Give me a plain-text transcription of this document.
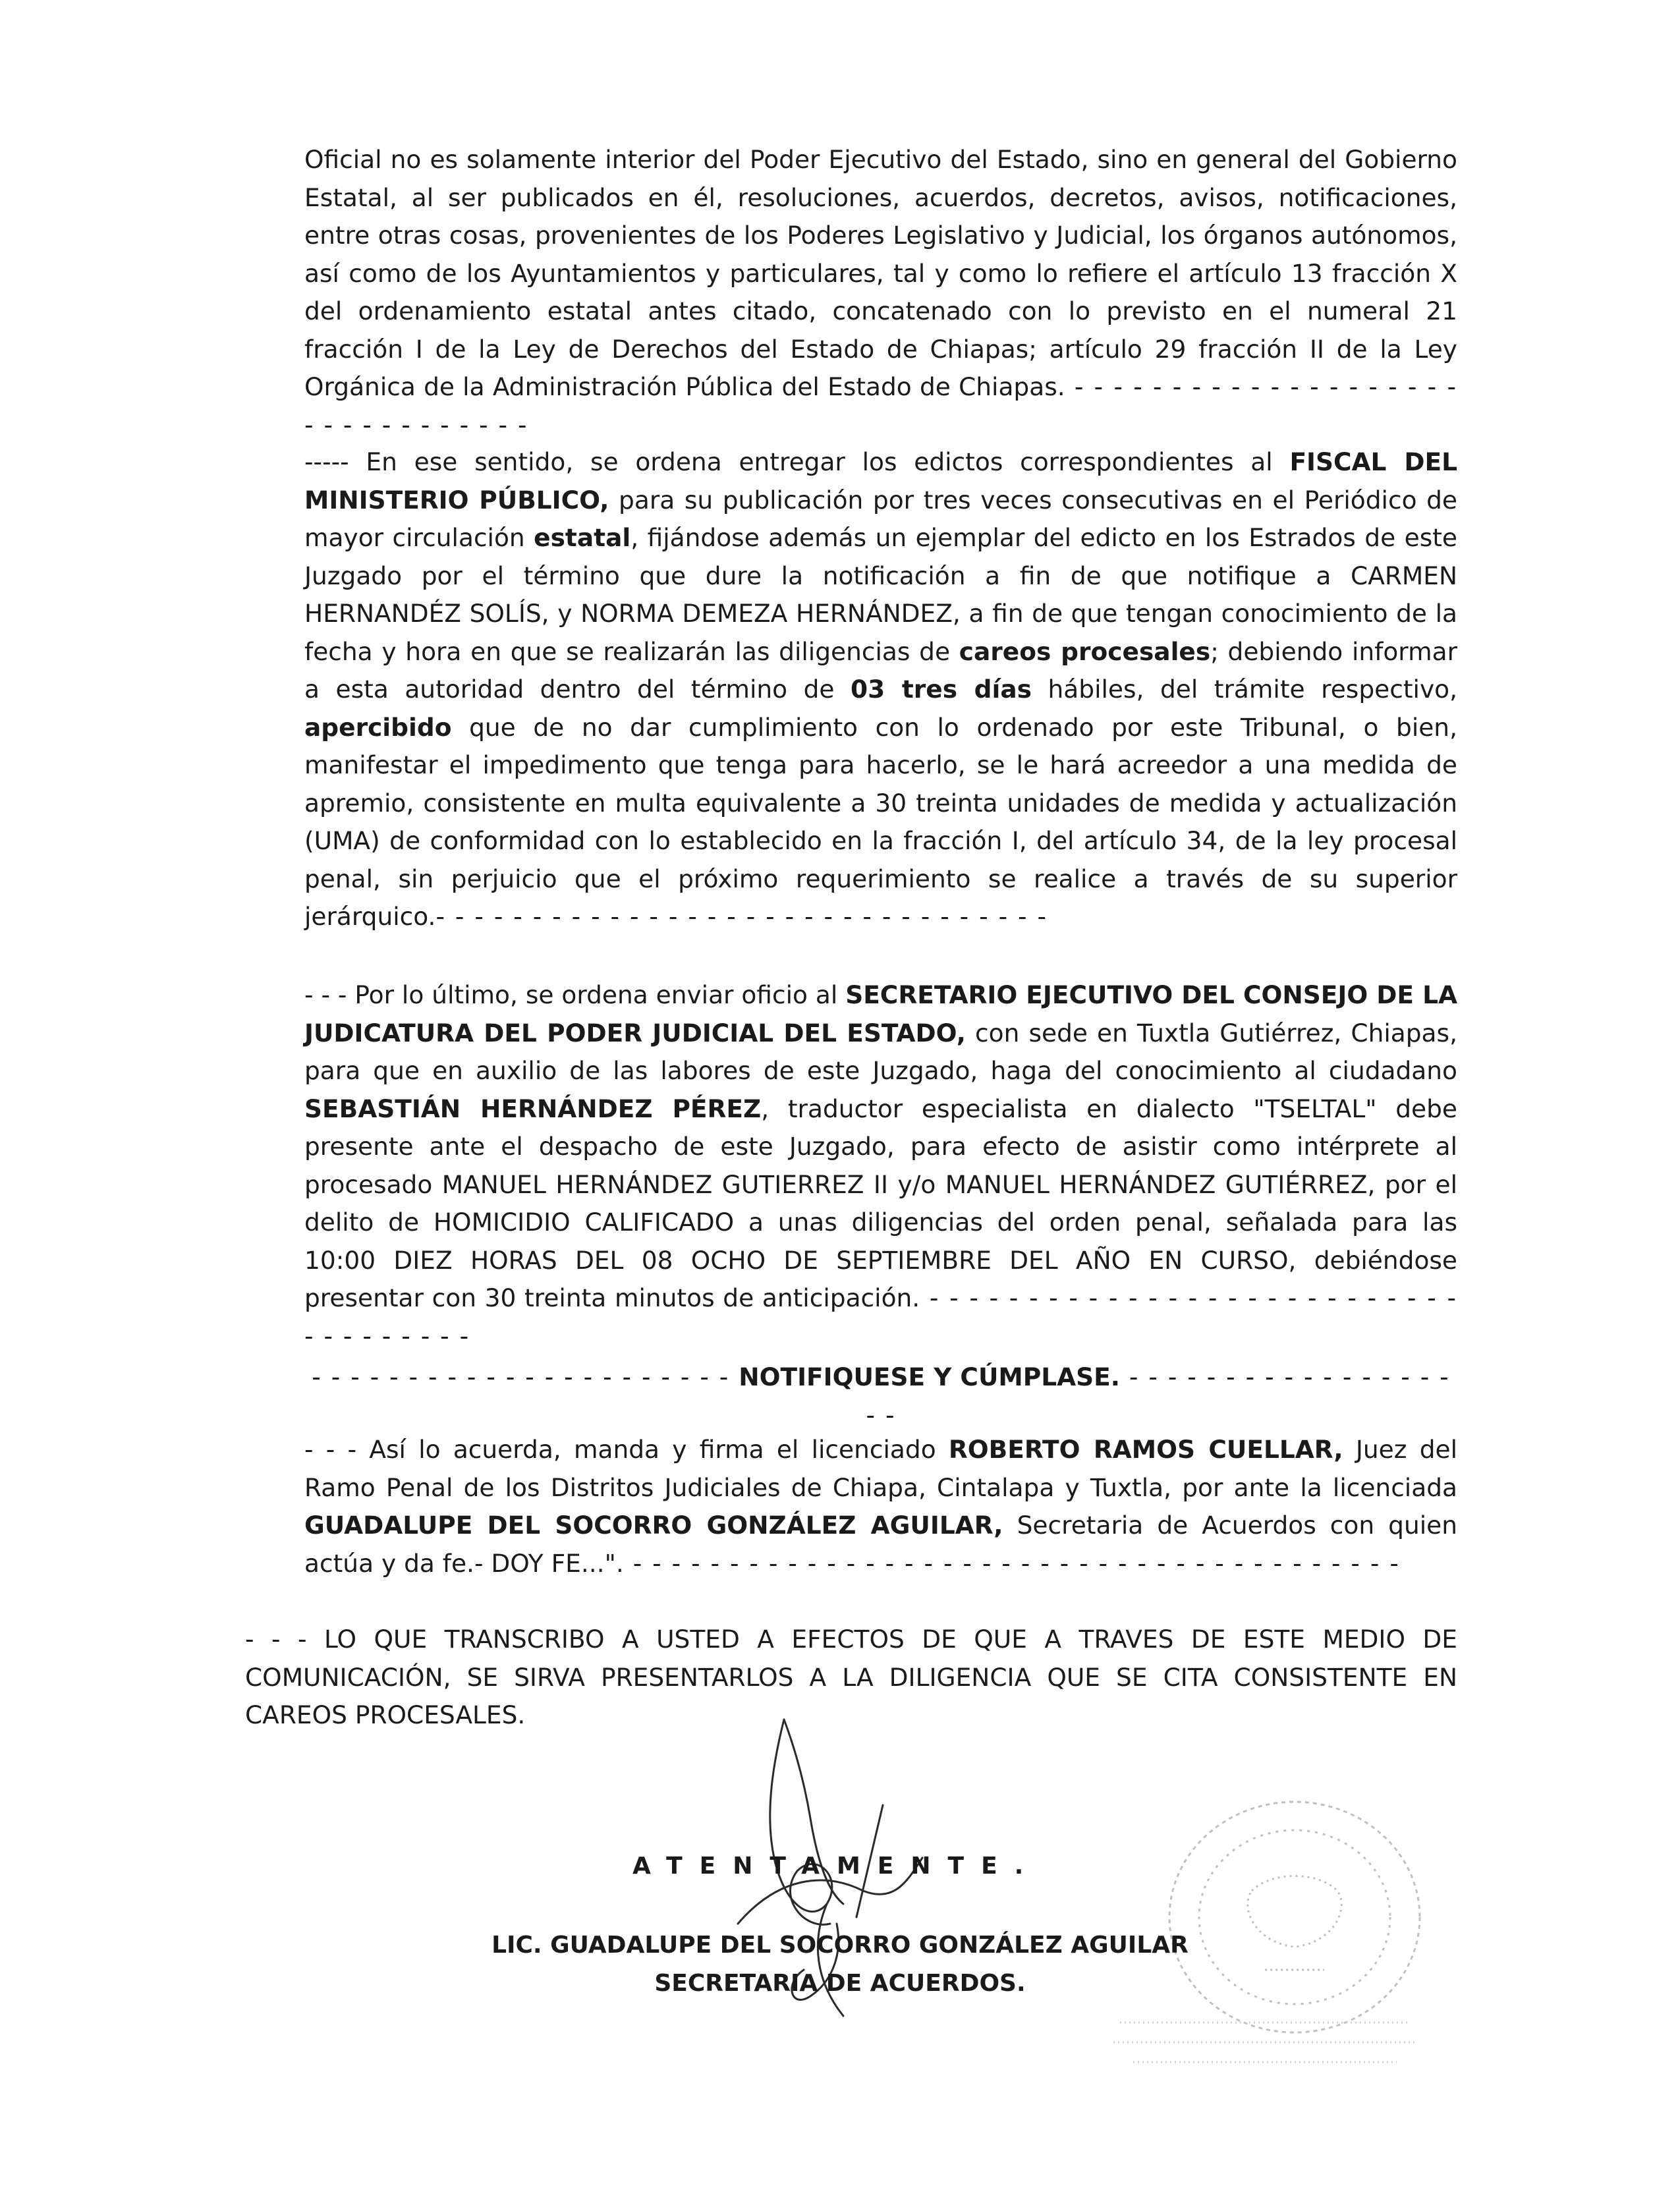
Oficial no es solamente interior del Poder Ejecutivo del Estado, sino en general del Gobierno Estatal, al ser publicados en él, resoluciones, acuerdos, decretos, avisos, notificaciones, entre otras cosas, provenientes de los Poderes Legislativo y Judicial, los órganos autónomos, así como de los Ayuntamientos y particulares, tal y como lo refiere el artículo 13 fracción X del ordenamiento estatal antes citado, concatenado con lo previsto en el numeral 21 fracción I de la Ley de Derechos del Estado de Chiapas; artículo 29 fracción II de la Ley Orgánica de la Administración Pública del Estado de Chiapas. - - - - - - - - - - - - - - - - - - - - - - - - - - - - - - - -

----- En ese sentido, se ordena entregar los edictos correspondientes al FISCAL DEL MINISTERIO PÚBLICO, para su publicación por tres veces consecutivas en el Periódico de mayor circulación estatal, fijándose además un ejemplar del edicto en los Estrados de este Juzgado por el término que dure la notificación a fin de que notifique a CARMEN HERNANDÉZ SOLÍS, y NORMA DEMEZA HERNÁNDEZ, a fin de que tengan conocimiento de la fecha y hora en que se realizarán las diligencias de careos procesales; debiendo informar a esta autoridad dentro del término de 03 tres días hábiles, del trámite respectivo, apercibido que de no dar cumplimiento con lo ordenado por este Tribunal, o bien, manifestar el impedimento que tenga para hacerlo, se le hará acreedor a una medida de apremio, consistente en multa equivalente a 30 treinta unidades de medida y actualización (UMA) de conformidad con lo establecido en la fracción I, del artículo 34, de la ley procesal penal, sin perjuicio que el próximo requerimiento se realice a través de su superior jerárquico.- - - - - - - - - - - - - - - - - - - - - - - - - - - - - - - -

- - - Por lo último, se ordena enviar oficio al SECRETARIO EJECUTIVO DEL CONSEJO DE LA JUDICATURA DEL PODER JUDICIAL DEL ESTADO, con sede en Tuxtla Gutiérrez, Chiapas, para que en auxilio de las labores de este Juzgado, haga del conocimiento al ciudadano SEBASTIÁN HERNÁNDEZ PÉREZ, traductor especialista en dialecto "TSELTAL" debe presente ante el despacho de este Juzgado, para efecto de asistir como intérprete al procesado MANUEL HERNÁNDEZ GUTIERREZ II y/o MANUEL HERNÁNDEZ GUTIÉRREZ, por el delito de HOMICIDIO CALIFICADO a unas diligencias del orden penal, señalada para las 10:00 DIEZ HORAS DEL 08 OCHO DE SEPTIEMBRE DEL AÑO EN CURSO, debiéndose presentar con 30 treinta minutos de anticipación. - - - - - - - - - - - - - - - - - - - - - - - - - - - - - - - - - - - -

- - - - - - - - - - - - - - - - - - - - - - NOTIFIQUESE Y CÚMPLASE. - - - - - - - - - - - - - - - - - - -

- - - Así lo acuerda, manda y firma el licenciado ROBERTO RAMOS CUELLAR, Juez del Ramo Penal de los Distritos Judiciales de Chiapa, Cintalapa y Tuxtla, por ante la licenciada GUADALUPE DEL SOCORRO GONZÁLEZ AGUILAR, Secretaria de Acuerdos con quien actúa y da fe.- DOY FE...". - - - - - - - - - - - - - - - - - - - - - - - - - - - - - - - - - - - - - - - -

- - - LO QUE TRANSCRIBO A USTED A EFECTOS DE QUE A TRAVES DE ESTE MEDIO DE COMUNICACIÓN, SE SIRVA PRESENTARLOS A LA DILIGENCIA QUE SE CITA CONSISTENTE EN CAREOS PROCESALES.

ATENTAMENTE.
LIC. GUADALUPE DEL SOCORRO GONZÁLEZ AGUILAR
SECRETARIA DE ACUERDOS.
